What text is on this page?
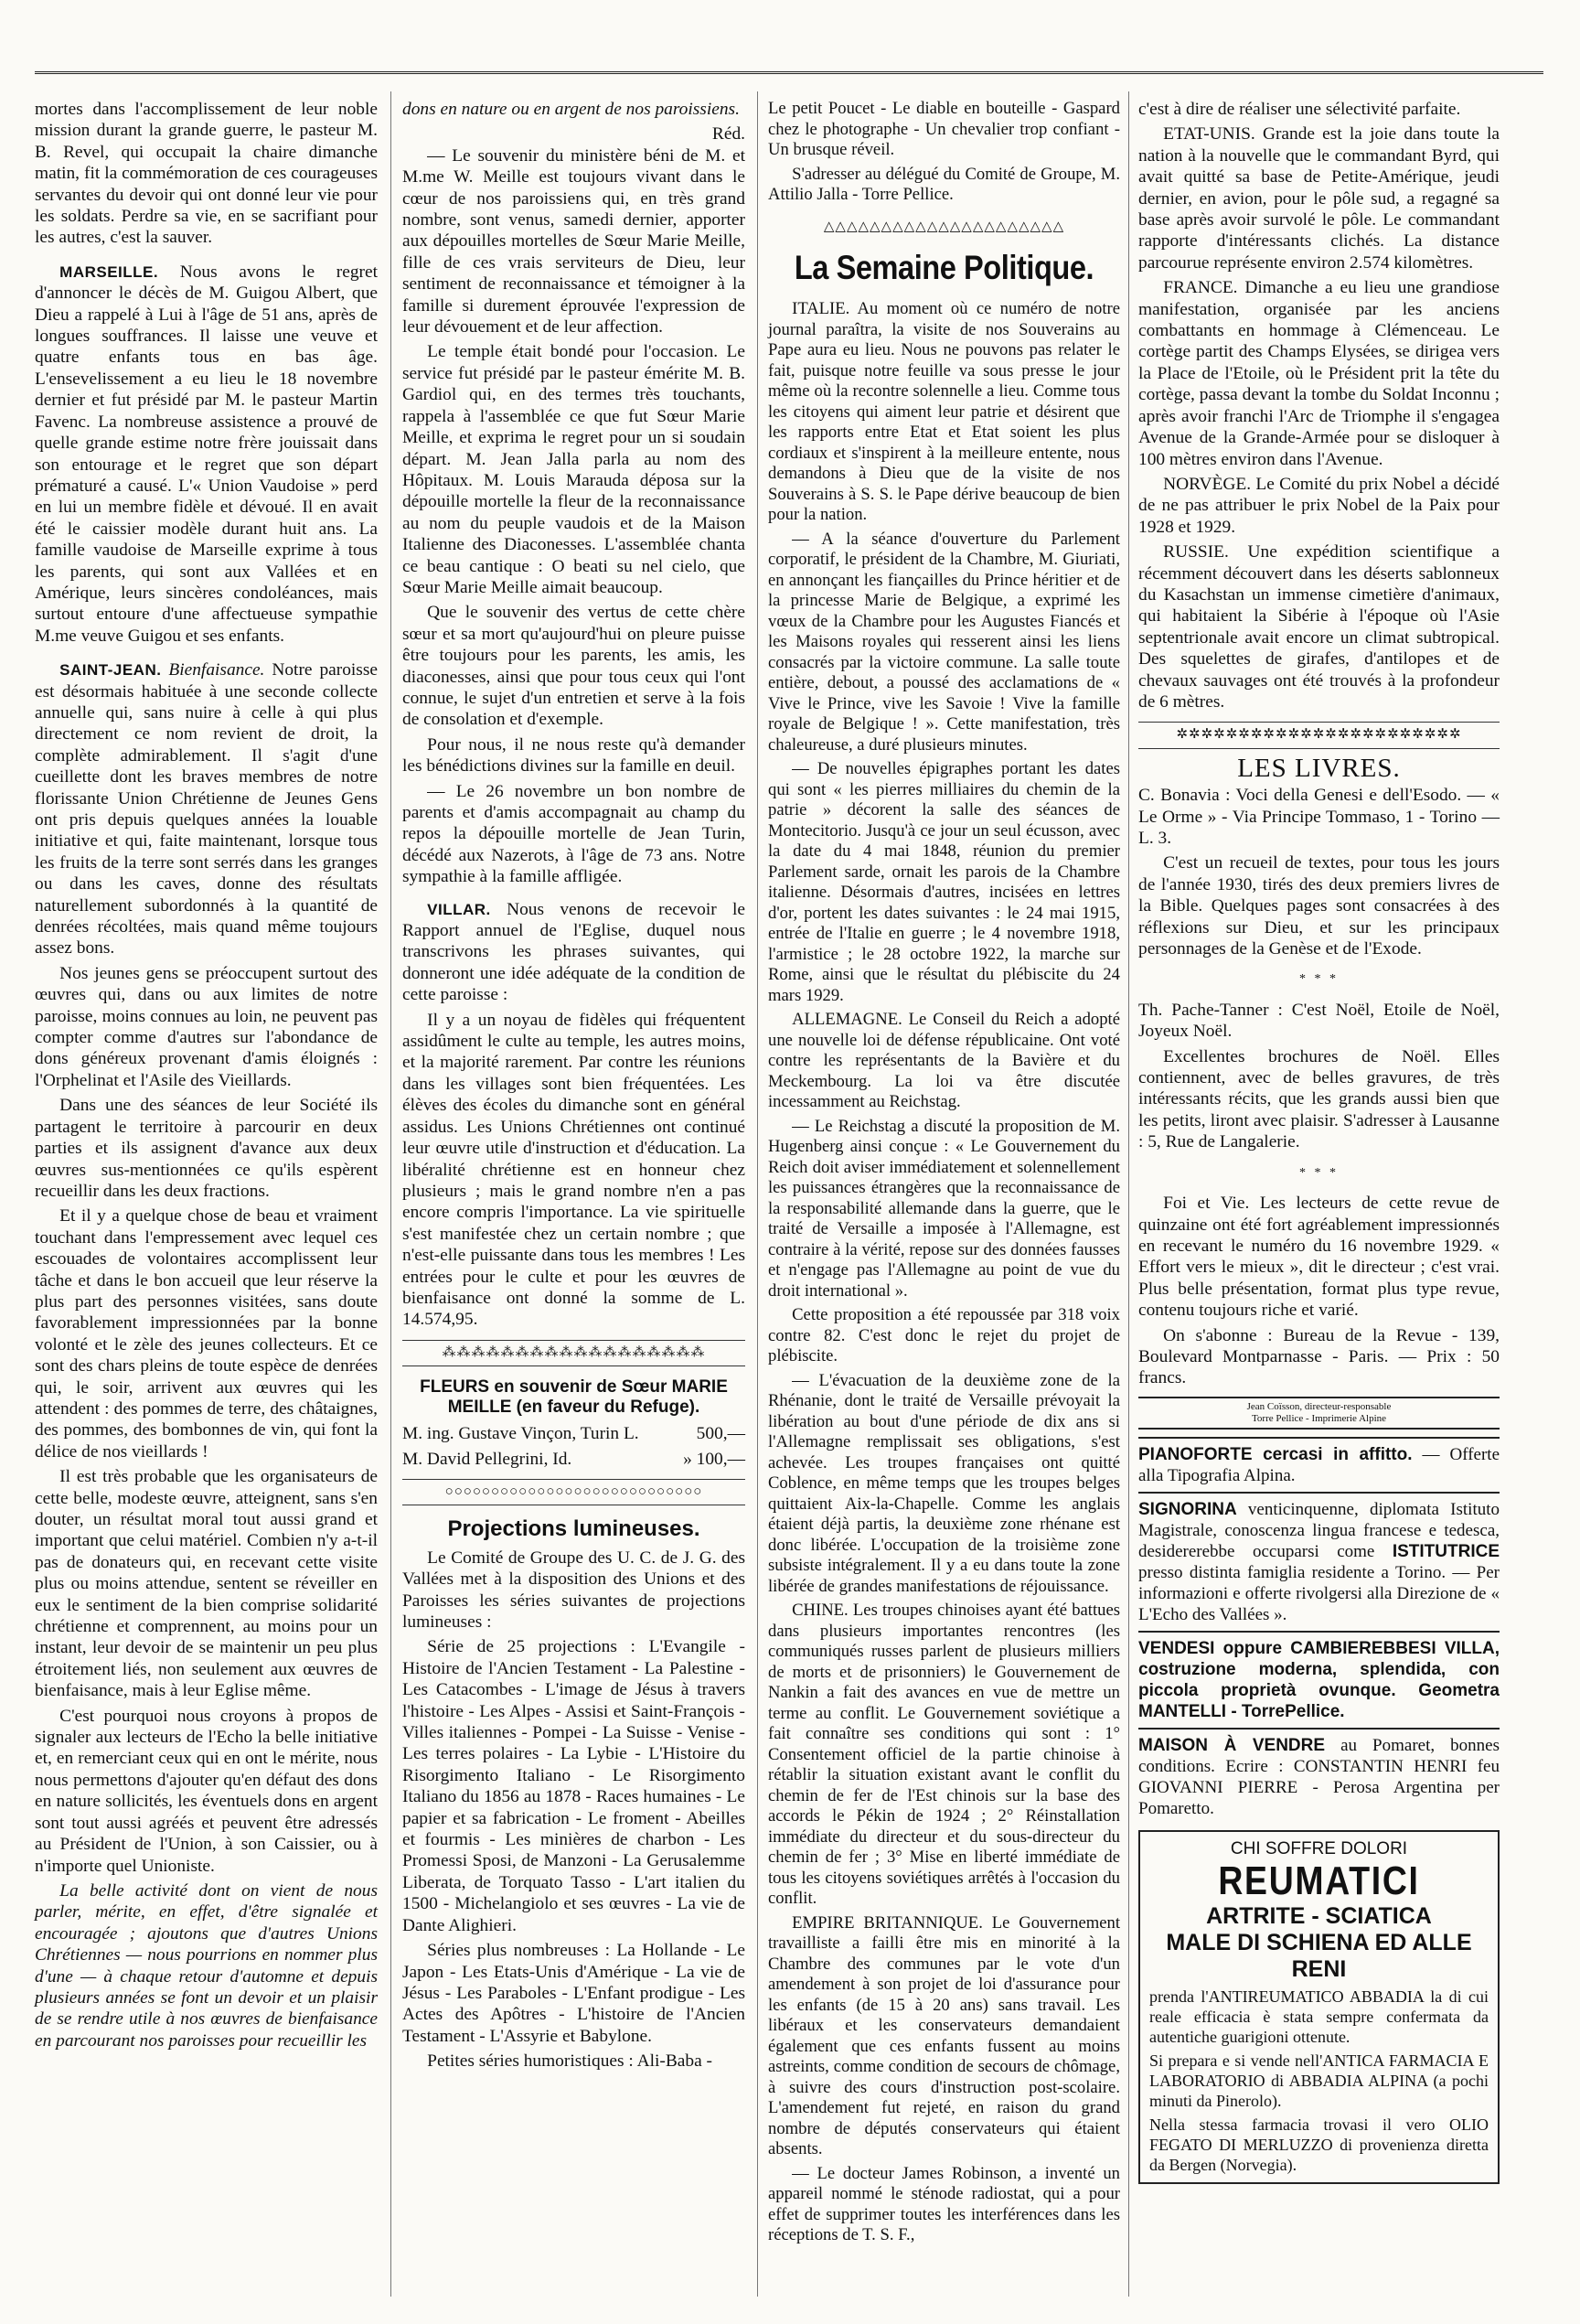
mortes dans l'accomplissement de leur noble mission durant la grande guerre, le pasteur M. B. Revel, qui occupait la chaire dimanche matin, fit la commémoration de ces courageuses servantes du devoir qui ont donné leur vie pour les soldats. Perdre sa vie, en se sacrifiant pour les autres, c'est la sauver.

MARSEILLE. Nous avons le regret d'annoncer le décès de M. Guigou Albert, que Dieu a rappelé à Lui à l'âge de 51 ans, après de longues souffrances. Il laisse une veuve et quatre enfants tous en bas âge. L'ensevelissement a eu lieu le 18 novembre dernier et fut présidé par M. le pasteur Martin Favenc. La nombreuse assistence a prouvé de quelle grande estime notre frère jouissait dans son entourage et le regret que son départ prématuré a causé. L'« Union Vaudoise » perd en lui un membre fidèle et dévoué. Il en avait été le caissier modèle durant huit ans. La famille vaudoise de Marseille exprime à tous les parents, qui sont aux Vallées et en Amérique, leurs sincères condoléances, mais surtout entoure d'une affectueuse sympathie M.me veuve Guigou et ses enfants.

SAINT-JEAN. Bienfaisance. Notre paroisse est désormais habituée à une seconde collecte annuelle qui, sans nuire à celle à qui plus directement ce nom revient de droit, la complète admirablement. Il s'agit d'une cueillette dont les braves membres de notre florissante Union Chrétienne de Jeunes Gens ont pris depuis quelques années la louable initiative et qui, faite maintenant, lorsque tous les fruits de la terre sont serrés dans les granges ou dans les caves, donne des résultats naturellement subordonnés à la quantité de denrées récoltées, mais quand même toujours assez bons.

Nos jeunes gens se préoccupent surtout des œuvres qui, dans ou aux limites de notre paroisse, moins connues au loin, ne peuvent pas compter comme d'autres sur l'abondance de dons généreux provenant d'amis éloignés : l'Orphelinat et l'Asile des Vieillards.

Dans une des séances de leur Société ils partagent le territoire à parcourir en deux parties et ils assignent d'avance aux deux œuvres sus-mentionnées ce qu'ils espèrent recueillir dans les deux fractions.

Et il y a quelque chose de beau et vraiment touchant dans l'empressement avec lequel ces escouades de volontaires accomplissent leur tâche et dans le bon accueil que leur réserve la plus part des personnes visitées, sans doute favorablement impressionnées par la bonne volonté et le zèle des jeunes collecteurs. Et ce sont des chars pleins de toute espèce de denrées qui, le soir, arrivent aux œuvres qui les attendent : des pommes de terre, des châtaignes, des pommes, des bombonnes de vin, qui font la délice de nos vieillards !

Il est très probable que les organisateurs de cette belle, modeste œuvre, atteignent, sans s'en douter, un résultat moral tout aussi grand et important que celui matériel. Combien n'y a-t-il pas de donateurs qui, en recevant cette visite plus ou moins attendue, sentent se réveiller en eux le sentiment de la bien comprise solidarité chrétienne et comprennent, au moins pour un instant, leur devoir de se maintenir un peu plus étroitement liés, non seulement aux œuvres de bienfaisance, mais à leur Eglise même.

C'est pourquoi nous croyons à propos de signaler aux lecteurs de l'Echo la belle initiative et, en remerciant ceux qui en ont le mérite, nous nous permettons d'ajouter qu'en défaut des dons en nature sollicités, les éventuels dons en argent sont tout aussi agréés et peuvent être adressés au Président de l'Union, à son Caissier, ou à n'importe quel Unioniste.

La belle activité dont on vient de nous parler, mérite, en effet, d'être signalée et encouragée ; ajoutons que d'autres Unions Chrétiennes — nous pourrions en nommer plus d'une — à chaque retour d'automne et depuis plusieurs années se font un devoir et un plaisir de se rendre utile à nos œuvres de bienfaisance en parcourant nos paroisses pour recueillir les

dons en nature ou en argent de nos paroissiens.

Réd.

— Le souvenir du ministère béni de M. et M.me W. Meille est toujours vivant dans le cœur de nos paroissiens qui, en très grand nombre, sont venus, samedi dernier, apporter aux dépouilles mortelles de Sœur Marie Meille, fille de ces vrais serviteurs de Dieu, leur sentiment de reconnaissance et témoigner à la famille si durement éprouvée l'expression de leur dévouement et de leur affection.

Le temple était bondé pour l'occasion. Le service fut présidé par le pasteur émérite M. B. Gardiol qui, en des termes très touchants, rappela à l'assemblée ce que fut Sœur Marie Meille, et exprima le regret pour un si soudain départ. M. Jean Jalla parla au nom des Hôpitaux. M. Louis Marauda déposa sur la dépouille mortelle la fleur de la reconnaissance au nom du peuple vaudois et de la Maison Italienne des Diaconesses. L'assemblée chanta ce beau cantique : O beati su nel cielo, que Sœur Marie Meille aimait beaucoup.

Que le souvenir des vertus de cette chère sœur et sa mort qu'aujourd'hui on pleure puisse être toujours pour les parents, les amis, les diaconesses, ainsi que pour tous ceux qui l'ont connue, le sujet d'un entretien et serve à la fois de consolation et d'exemple.

Pour nous, il ne nous reste qu'à demander les bénédictions divines sur la famille en deuil.

— Le 26 novembre un bon nombre de parents et d'amis accompagnait au champ du repos la dépouille mortelle de Jean Turin, décédé aux Nazerots, à l'âge de 73 ans. Notre sympathie à la famille affligée.

VILLAR. Nous venons de recevoir le Rapport annuel de l'Eglise, duquel nous transcrivons les phrases suivantes, qui donneront une idée adéquate de la condition de cette paroisse :

Il y a un noyau de fidèles qui fréquentent assidûment le culte au temple, les autres moins, et la majorité rarement. Par contre les réunions dans les villages sont bien fréquentées. Les élèves des écoles du dimanche sont en général assidus. Les Unions Chrétiennes ont continué leur œuvre utile d'instruction et d'éducation. La libéralité chrétienne est en honneur chez plusieurs ; mais le grand nombre n'en a pas encore compris l'importance. La vie spirituelle s'est manifestée chez un certain nombre ; que n'est-elle puissante dans tous les membres ! Les entrées pour le culte et pour les œuvres de bienfaisance ont donné la somme de L. 14.574,95.

⁂⁂⁂⁂⁂⁂⁂⁂⁂⁂⁂⁂⁂⁂⁂⁂⁂⁂
FLEURS en souvenir de Sœur MARIE MEILLE (en faveur du Refuge).

M. ing. Gustave Vinçon, Turin L.	500,—

M. David Pellegrini, Id.	» 100,—

○○○○○○○○○○○○○○○○○○○○○○○○○○○○
Projections lumineuses.

Le Comité de Groupe des U. C. de J. G. des Vallées met à la disposition des Unions et des Paroisses les séries suivantes de projections lumineuses :

Série de 25 projections : L'Evangile - Histoire de l'Ancien Testament - La Palestine - Les Catacombes - L'image de Jésus à travers l'histoire - Les Alpes - Assisi et Saint-François - Villes italiennes - Pompei - La Suisse - Venise - Les terres polaires - La Lybie - L'Histoire du Risorgimento Italiano - Le Risorgimento Italiano du 1856 au 1878 - Races humaines - Le papier et sa fabrication - Le froment - Abeilles et fourmis - Les minières de charbon - Les Promessi Sposi, de Manzoni - La Gerusalemme Liberata, de Torquato Tasso - L'art italien du 1500 - Michelangiolo et ses œuvres - La vie de Dante Alighieri.

Séries plus nombreuses : La Hollande - Le Japon - Les Etats-Unis d'Amérique - La vie de Jésus - Les Paraboles - L'Enfant prodigue - Les Actes des Apôtres - L'histoire de l'Ancien Testament - L'Assyrie et Babylone.

Petites séries humoristiques : Ali-Baba -

Le petit Poucet - Le diable en bouteille - Gaspard chez le photographe - Un chevalier trop confiant - Un brusque réveil.

S'adresser au délégué du Comité de Groupe, M. Attilio Jalla - Torre Pellice.

△△△△△△△△△△△△△△△△△△△△△
La Semaine Politique.

ITALIE. Au moment où ce numéro de notre journal paraîtra, la visite de nos Souverains au Pape aura eu lieu. Nous ne pouvons pas relater le fait, puisque notre feuille va sous presse le jour même où la recontre solennelle a lieu. Comme tous les citoyens qui aiment leur patrie et désirent que les rapports entre Etat et Etat soient les plus cordiaux et s'inspirent à la meilleure entente, nous demandons à Dieu que de la visite de nos Souverains à S. S. le Pape dérive beaucoup de bien pour la nation.

— A la séance d'ouverture du Parlement corporatif, le président de la Chambre, M. Giuriati, en annonçant les fiançailles du Prince héritier et de la princesse Marie de Belgique, a exprimé les vœux de la Chambre pour les Augustes Fiancés et les Maisons royales qui resserent ainsi les liens consacrés par la victoire commune. La salle toute entière, debout, a poussé des acclamations de « Vive le Prince, vive les Savoie ! Vive la famille royale de Belgique ! ». Cette manifestation, très chaleureuse, a duré plusieurs minutes.

— De nouvelles épigraphes portant les dates qui sont « les pierres milliaires du chemin de la patrie » décorent la salle des séances de Montecitorio. Jusqu'à ce jour un seul écusson, avec la date du 4 mai 1848, réunion du premier Parlement sarde, ornait les parois de la Chambre italienne. Désormais d'autres, incisées en lettres d'or, portent les dates suivantes : le 24 mai 1915, entrée de l'Italie en guerre ; le 4 novembre 1918, l'armistice ; le 28 octobre 1922, la marche sur Rome, ainsi que le résultat du plébiscite du 24 mars 1929.

ALLEMAGNE. Le Conseil du Reich a adopté une nouvelle loi de défense républicaine. Ont voté contre les représentants de la Bavière et du Meckembourg. La loi va être discutée incessamment au Reichstag.

— Le Reichstag a discuté la proposition de M. Hugenberg ainsi conçue : « Le Gouvernement du Reich doit aviser immédiatement et solennellement les puissances étrangères que la reconnaissance de la responsabilité allemande dans la guerre, que le traité de Versaille a imposée à l'Allemagne, est contraire à la vérité, repose sur des données fausses et n'engage pas l'Allemagne au point de vue du droit international ».

Cette proposition a été repoussée par 318 voix contre 82. C'est donc le rejet du projet de plébiscite.

— L'évacuation de la deuxième zone de la Rhénanie, dont le traité de Versaille prévoyait la libération au bout d'une période de dix ans si l'Allemagne remplissait ses obligations, s'est achevée. Les troupes françaises ont quitté Coblence, en même temps que les troupes belges quittaient Aix-la-Chapelle. Comme les anglais étaient déjà partis, la deuxième zone rhénane est donc libérée. L'occupation de la troisième zone subsiste intégralement. Il y a eu dans toute la zone libérée de grandes manifestations de réjouissance.

CHINE. Les troupes chinoises ayant été battues dans plusieurs importantes rencontres (les communiqués russes parlent de plusieurs milliers de morts et de prisonniers) le Gouvernement de Nankin a fait des avances en vue de mettre un terme au conflit. Le Gouvernement soviétique a fait connaître ses conditions qui sont : 1° Consentement officiel de la partie chinoise à rétablir la situation existant avant le conflit du chemin de fer de l'Est chinois sur la base des accords le Pékin de 1924 ; 2° Réinstallation immédiate du directeur et du sous-directeur du chemin de fer ; 3° Mise en liberté immédiate de tous les citoyens soviétiques arrêtés à l'occasion du conflit.

EMPIRE BRITANNIQUE. Le Gouvernement travailliste a failli être mis en minorité à la Chambre des communes par le vote d'un amendement à son projet de loi d'assurance pour les enfants (de 15 à 20 ans) sans travail. Les libéraux et les conservateurs demandaient également que ces enfants fussent au moins astreints, comme condition de secours de chômage, à suivre des cours d'instruction post-scolaire. L'amendement fut rejeté, en raison du grand nombre de députés conservateurs qui étaient absents.

— Le docteur James Robinson, a inventé un appareil nommé le sténode radiostat, qui a pour effet de supprimer toutes les interférences dans les réceptions de T. S. F.,

c'est à dire de réaliser une sélectivité parfaite.

ETAT-UNIS. Grande est la joie dans toute la nation à la nouvelle que le commandant Byrd, qui avait quitté sa base de Petite-Amérique, jeudi dernier, en avion, pour le pôle sud, a regagné sa base après avoir survolé le pôle. Le commandant rapporte d'intéressants clichés. La distance parcourue représente environ 2.574 kilomètres.

FRANCE. Dimanche a eu lieu une grandiose manifestation, organisée par les anciens combattants en hommage à Clémenceau. Le cortège partit des Champs Elysées, se dirigea vers la Place de l'Etoile, où le Président prit la tête du cortège, passa devant la tombe du Soldat Inconnu ; après avoir franchi l'Arc de Triomphe il s'engagea Avenue de la Grande-Armée pour se disloquer à 100 mètres environ dans l'Avenue.

NORVÈGE. Le Comité du prix Nobel a décidé de ne pas attribuer le prix Nobel de la Paix pour 1928 et 1929.

RUSSIE. Une expédition scientifique a récemment découvert dans les déserts sablonneux du Kasachstan un immense cimetière d'animaux, qui habitaient la Sibérie à l'époque où l'Asie septentrionale avait encore un climat subtropical. Des squelettes de girafes, d'antilopes et de chevaux sauvages ont été trouvés à la profondeur de 6 mètres.

✲✲✲✲✲✲✲✲✲✲✲✲✲✲✲✲✲✲✲✲✲✲✲
LES LIVRES.

C. Bonavia : Voci della Genesi e dell'Esodo. — « Le Orme » - Via Principe Tommaso, 1 - Torino — L. 3.

C'est un recueil de textes, pour tous les jours de l'année 1930, tirés des deux premiers livres de la Bible. Quelques pages sont consacrées à des réflexions sur Dieu, et sur les principaux personnages de la Genèse et de l'Exode.

* * *

Th. Pache-Tanner : C'est Noël, Etoile de Noël, Joyeux Noël.

Excellentes brochures de Noël. Elles contiennent, avec de belles gravures, de très intéressants récits, que les grands aussi bien que les petits, liront avec plaisir. S'adresser à Lausanne : 5, Rue de Langalerie.

* * *

Foi et Vie. Les lecteurs de cette revue de quinzaine ont été fort agréablement impressionnés en recevant le numéro du 16 novembre 1929. « Effort vers le mieux », dit le directeur ; c'est vrai. Plus belle présentation, format plus type revue, contenu toujours riche et varié.

On s'abonne : Bureau de la Revue - 139, Boulevard Montparnasse - Paris. — Prix : 50 francs.

Jean Coïsson, directeur-responsable
Torre Pellice - Imprimerie Alpine
PIANOFORTE cercasi in affitto. — Offerte alla Tipografia Alpina.
SIGNORINA venticinquenne, diplomata Istituto Magistrale, conoscenza lingua francese e tedesca, desidererebbe occuparsi come ISTITUTRICE presso distinta famiglia residente a Torino. — Per informazioni e offerte rivolgersi alla Direzione de « L'Echo des Vallées ».
VENDESI oppure CAMBIEREBBESI VILLA, costruzione moderna, splendida, con piccola proprietà ovunque. Geometra MANTELLI - TorrePellice.
MAISON À VENDRE au Pomaret, bonnes conditions. Ecrire : CONSTANTIN HENRI feu GIOVANNI PIERRE - Perosa Argentina per Pomaretto.
CHI SOFFRE DOLORI
REUMATICI
ARTRITE - SCIATICA
MALE DI SCHIENA ED ALLE RENI
prenda l'ANTIREUMATICO ABBADIA la di cui reale efficacia è stata sempre confermata da autentiche guarigioni ottenute.
Si prepara e si vende nell'ANTICA FARMACIA E LABORATORIO di ABBADIA ALPINA (a pochi minuti da Pinerolo).
Nella stessa farmacia trovasi il vero OLIO FEGATO DI MERLUZZO di provenienza diretta da Bergen (Norvegia).
